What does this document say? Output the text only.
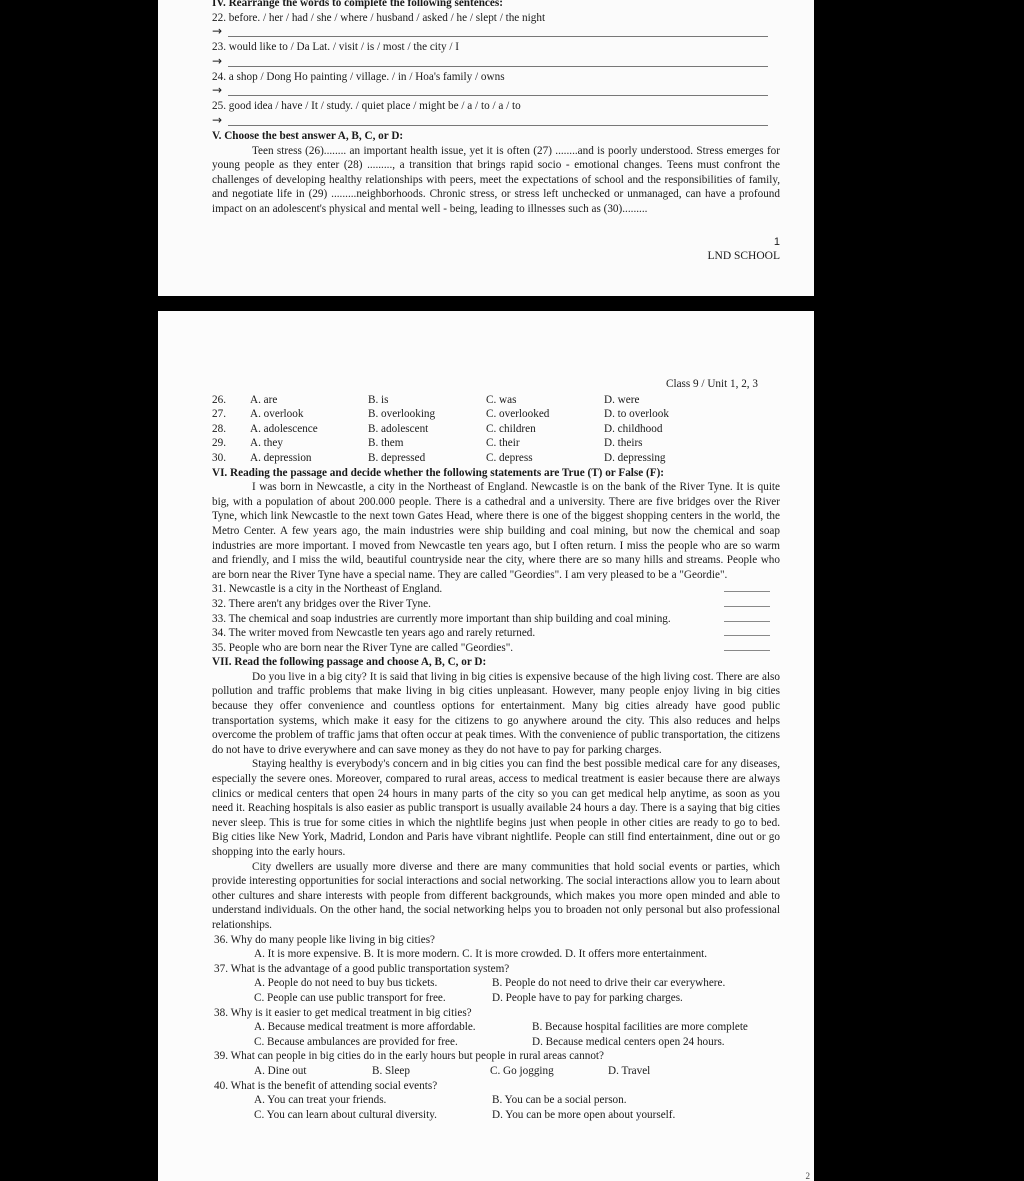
IV. Rearrange the words to complete the following sentences:
22. before. / her / had / she / where / husband / asked / he / slept / the night
→
23. would like to / Da Lat. / visit / is / most / the city / I
→
24. a shop / Dong Ho painting / village. / in / Hoa's family / owns
→
25. good idea / have / It / study. / quiet place / might be / a / to / a / to
→
V. Choose the best answer A, B, C, or D:

Teen stress (26)........ an important health issue, yet it is often (27) ........and is poorly understood. Stress emerges for young people as they enter (28) ........., a transition that brings rapid socio - emotional changes. Teens must confront the challenges of developing healthy relationships with peers, meet the expectations of school and the responsibilities of family, and negotiate life in (29) .........neighborhoods. Chronic stress, or stress left unchecked or unmanaged, can have a profound impact on an adolescent's physical and mental well - being, leading to illnesses such as (30).........

1
LND SCHOOL
Class 9 / Unit 1, 2, 3
26.	A. are	B. is	C. was	D. were
27.	A. overlook	B. overlooking	C. overlooked	D. to overlook
28.	A. adolescence	B. adolescent	C. children	D. childhood
29.	A. they	B. them	C. their	D. theirs
30.	A. depression	B. depressed	C. depress	D. depressing
VI. Reading the passage and decide whether the following statements are True (T) or False (F):

I was born in Newcastle, a city in the Northeast of England. Newcastle is on the bank of the River Tyne. It is quite big, with a population of about 200.000 people. There is a cathedral and a university. There are five bridges over the River Tyne, which link Newcastle to the next town Gates Head, where there is one of the biggest shopping centers in the world, the Metro Center. A few years ago, the main industries were ship building and coal mining, but now the chemical and soap industries are more important. I moved from Newcastle ten years ago, but I often return. I miss the people who are so warm and friendly, and I miss the wild, beautiful countryside near the city, where there are so many hills and streams. People who are born near the River Tyne have a special name. They are called "Geordies". I am very pleased to be a "Geordie".

31. Newcastle is a city in the Northeast of England.
32. There aren't any bridges over the River Tyne.
33. The chemical and soap industries are currently more important than ship building and coal mining.
34. The writer moved from Newcastle ten years ago and rarely returned.
35. People who are born near the River Tyne are called "Geordies".
VII. Read the following passage and choose A, B, C, or D:

Do you live in a big city? It is said that living in big cities is expensive because of the high living cost. There are also pollution and traffic problems that make living in big cities unpleasant. However, many people enjoy living in big cities because they offer convenience and countless options for entertainment. Many big cities already have good public transportation systems, which make it easy for the citizens to go anywhere around the city. This also reduces and helps overcome the problem of traffic jams that often occur at peak times. With the convenience of public transportation, the citizens do not have to drive everywhere and can save money as they do not have to pay for parking charges.

Staying healthy is everybody's concern and in big cities you can find the best possible medical care for any diseases, especially the severe ones. Moreover, compared to rural areas, access to medical treatment is easier because there are always clinics or medical centers that open 24 hours in many parts of the city so you can get medical help anytime, as soon as you need it. Reaching hospitals is also easier as public transport is usually available 24 hours a day. There is a saying that big cities never sleep. This is true for some cities in which the nightlife begins just when people in other cities are ready to go to bed. Big cities like New York, Madrid, London and Paris have vibrant nightlife. People can still find entertainment, dine out or go shopping into the early hours.

City dwellers are usually more diverse and there are many communities that hold social events or parties, which provide interesting opportunities for social interactions and social networking. The social interactions allow you to learn about other cultures and share interests with people from different backgrounds, which makes you more open minded and able to understand individuals. On the other hand, the social networking helps you to broaden not only personal but also professional relationships.

36. Why do many people like living in big cities?
A. It is more expensive. B. It is more modern. C. It is more crowded. D. It offers more entertainment.
37. What is the advantage of a good public transportation system?
A. People do not need to buy bus tickets.	B. People do not need to drive their car everywhere.
C. People can use public transport for free.	D. People have to pay for parking charges.
38. Why is it easier to get medical treatment in big cities?
A. Because medical treatment is more affordable.	B. Because hospital facilities are more complete
C. Because ambulances are provided for free.	D. Because medical centers open 24 hours.
39. What can people in big cities do in the early hours but people in rural areas cannot?
A. Dine out	B. Sleep	C. Go jogging	D. Travel
40. What is the benefit of attending social events?
A. You can treat your friends.	B. You can be a social person.
C. You can learn about cultural diversity.	D. You can be more open about yourself.
2
